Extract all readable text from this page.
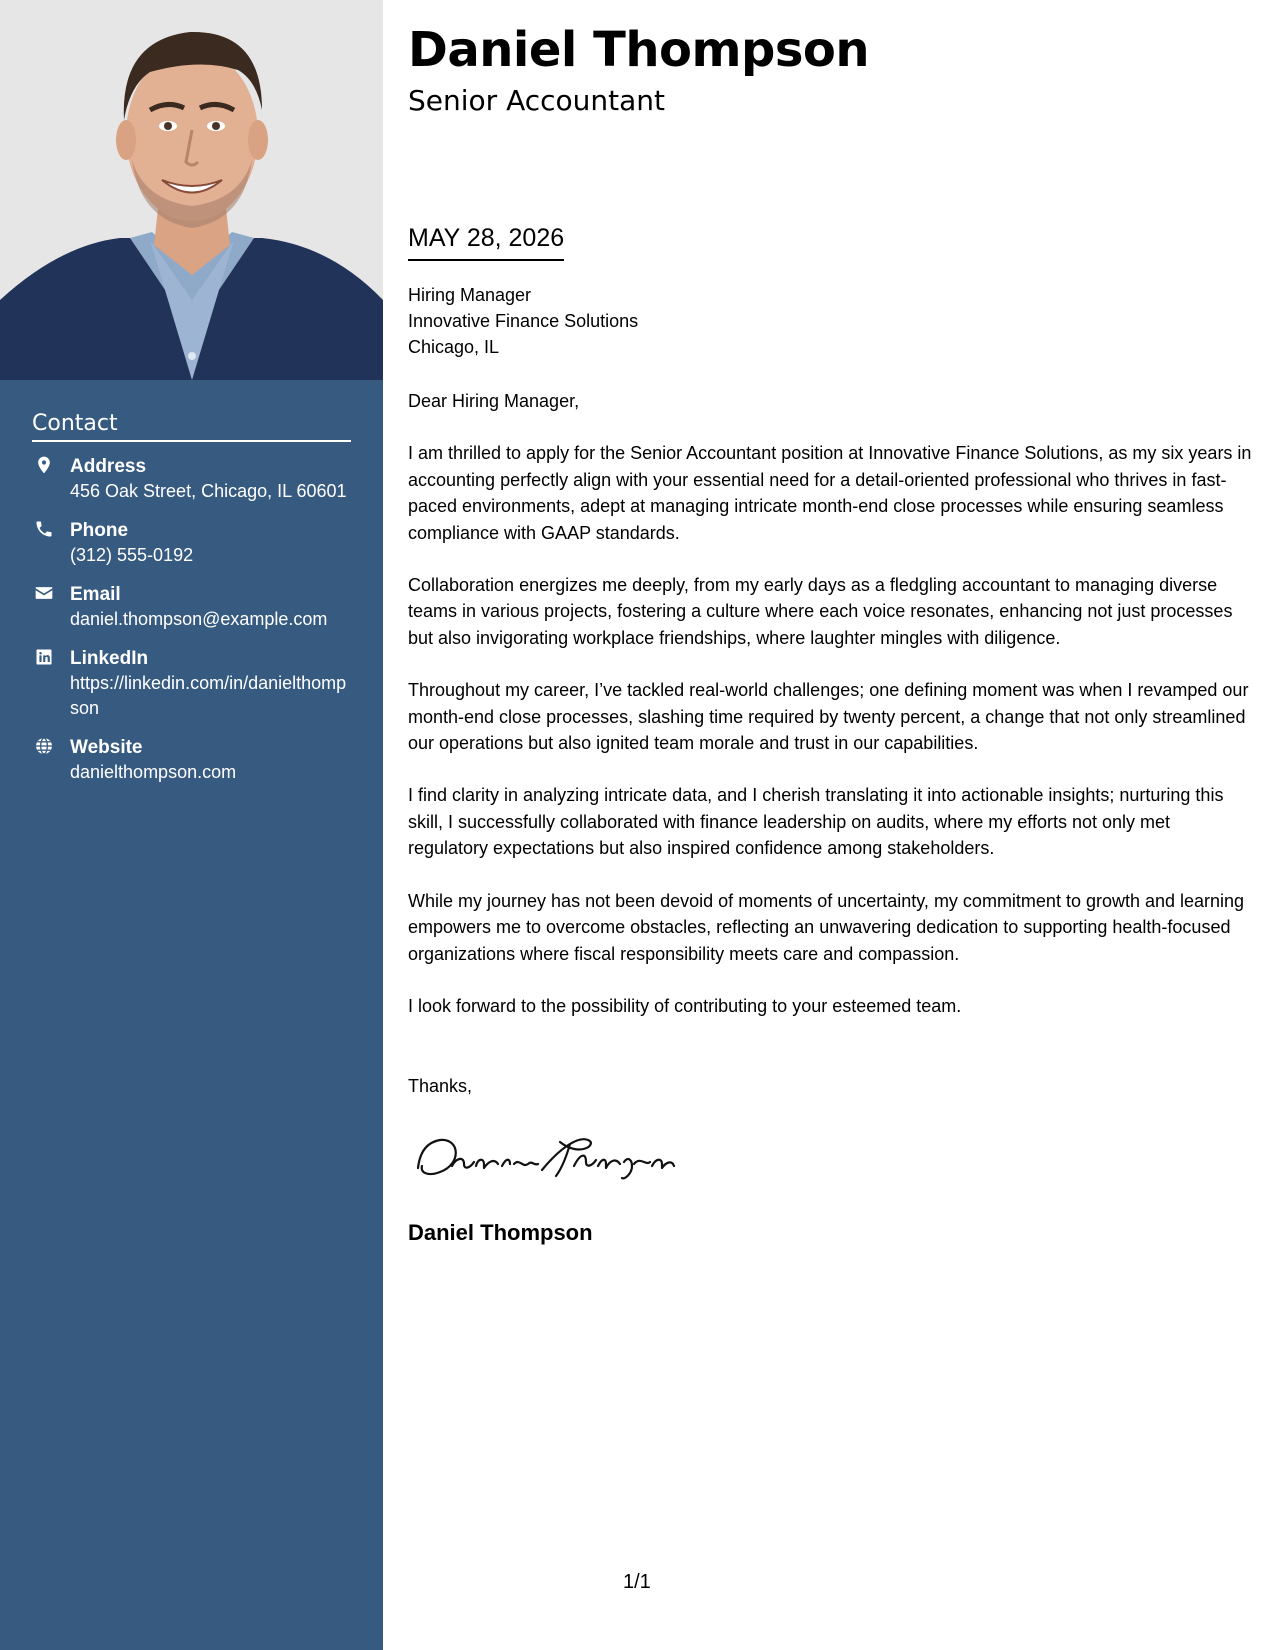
Contact
Address
456 Oak Street, Chicago, IL 60601
Phone
(312) 555-0192
Email
daniel.thompson@example.com
LinkedIn
https://linkedin.com/in/danielthompson
Website
danielthompson.com
Daniel Thompson
Senior Accountant
MAY 28, 2026
Hiring Manager
Innovative Finance Solutions
Chicago, IL

Dear Hiring Manager,

I am thrilled to apply for the Senior Accountant position at Innovative Finance Solutions, as my six years in accounting perfectly align with your essential need for a detail-oriented professional who thrives in fast-paced environments, adept at managing intricate month-end close processes while ensuring seamless compliance with GAAP standards.

Collaboration energizes me deeply, from my early days as a fledgling accountant to managing diverse teams in various projects, fostering a culture where each voice resonates, enhancing not just processes but also invigorating workplace friendships, where laughter mingles with diligence.

Throughout my career, I’ve tackled real-world challenges; one defining moment was when I revamped our month-end close processes, slashing time required by twenty percent, a change that not only streamlined our operations but also ignited team morale and trust in our capabilities.

I find clarity in analyzing intricate data, and I cherish translating it into actionable insights; nurturing this skill, I successfully collaborated with finance leadership on audits, where my efforts not only met regulatory expectations but also inspired confidence among stakeholders.

While my journey has not been devoid of moments of uncertainty, my commitment to growth and learning empowers me to overcome obstacles, reflecting an unwavering dedication to supporting health-focused organizations where fiscal responsibility meets care and compassion.

I look forward to the possibility of contributing to your esteemed team.

Thanks,
Daniel Thompson
1/1
